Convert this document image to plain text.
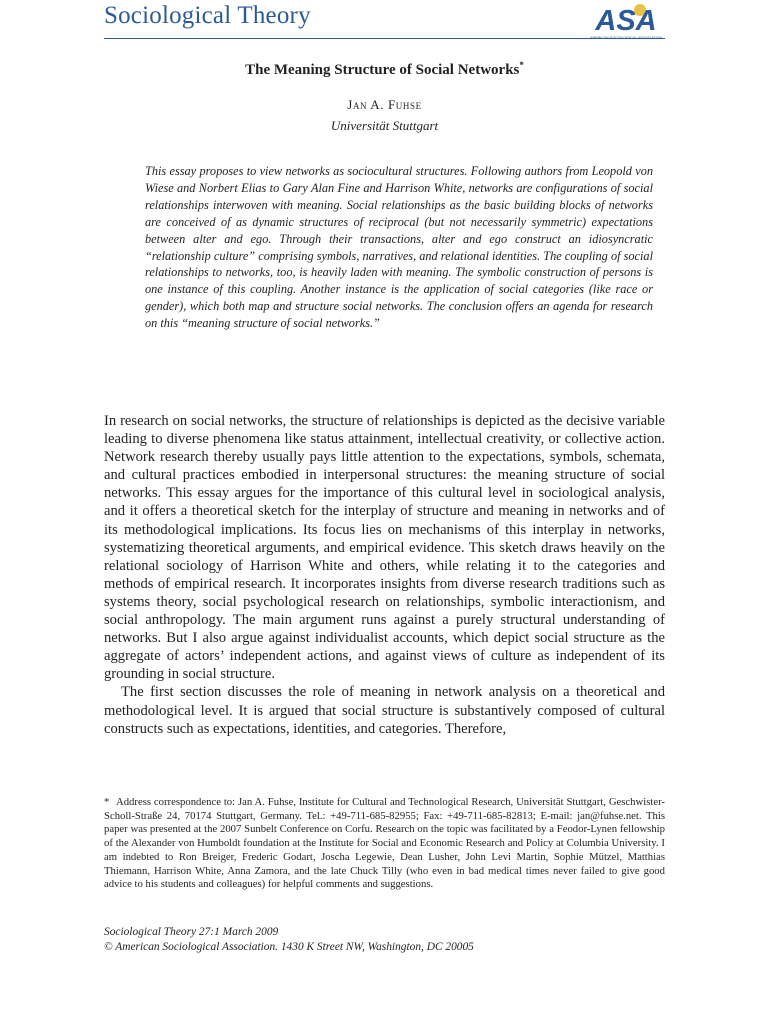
Sociological Theory	ASA
AMERICAN SOCIOLOGICAL ASSOCIATION
The Meaning Structure of Social Networks*
Jan A. Fuhse
Universität Stuttgart

This essay proposes to view networks as sociocultural structures. Following authors from Leopold von Wiese and Norbert Elias to Gary Alan Fine and Harrison White, networks are configurations of social relationships interwoven with meaning. Social relationships as the basic building blocks of networks are conceived of as dynamic structures of reciprocal (but not necessarily symmetric) expectations between alter and ego. Through their transactions, alter and ego construct an idiosyncratic “relationship culture” comprising symbols, narratives, and relational identities. The coupling of social relationships to networks, too, is heavily laden with meaning. The symbolic construction of persons is one instance of this coupling. Another instance is the application of social categories (like race or gender), which both map and structure social networks. The conclusion offers an agenda for research on this “meaning structure of social networks.”

In research on social networks, the structure of relationships is depicted as the decisive variable leading to diverse phenomena like status attainment, intellectual creativity, or collective action. Network research thereby usually pays little attention to the expectations, symbols, schemata, and cultural practices embodied in interpersonal structures: the meaning structure of social networks. This essay argues for the importance of this cultural level in sociological analysis, and it offers a theoretical sketch for the interplay of structure and meaning in networks and of its methodological implications. Its focus lies on mechanisms of this interplay in networks, systematizing theoretical arguments, and empirical evidence. This sketch draws heavily on the relational sociology of Harrison White and others, while relating it to the categories and methods of empirical research. It incorporates insights from diverse research traditions such as systems theory, social psychological research on relationships, symbolic interactionism, and social anthropology. The main argument runs against a purely structural understanding of networks. But I also argue against individualist accounts, which depict social structure as the aggregate of actors’ independent actions, and against views of culture as independent of its grounding in social structure.

The first section discusses the role of meaning in network analysis on a theoretical and methodological level. It is argued that social structure is substantively composed of cultural constructs such as expectations, identities, and categories. Therefore,

* Address correspondence to: Jan A. Fuhse, Institute for Cultural and Technological Research, Universität Stuttgart, Geschwister-Scholl-Straße 24, 70174 Stuttgart, Germany. Tel.: +49-711-685-82955; Fax: +49-711-685-82813; E-mail: jan@fuhse.net. This paper was presented at the 2007 Sunbelt Conference on Corfu. Research on the topic was facilitated by a Feodor-Lynen fellowship of the Alexander von Humboldt foundation at the Institute for Social and Economic Research and Policy at Columbia University. I am indebted to Ron Breiger, Frederic Godart, Joscha Legewie, Dean Lusher, John Levi Martin, Sophie Mützel, Matthias Thiemann, Harrison White, Anna Zamora, and the late Chuck Tilly (who even in bad medical times never failed to give good advice to his students and colleagues) for helpful comments and suggestions.

Sociological Theory 27:1 March 2009
© American Sociological Association. 1430 K Street NW, Washington, DC 20005
